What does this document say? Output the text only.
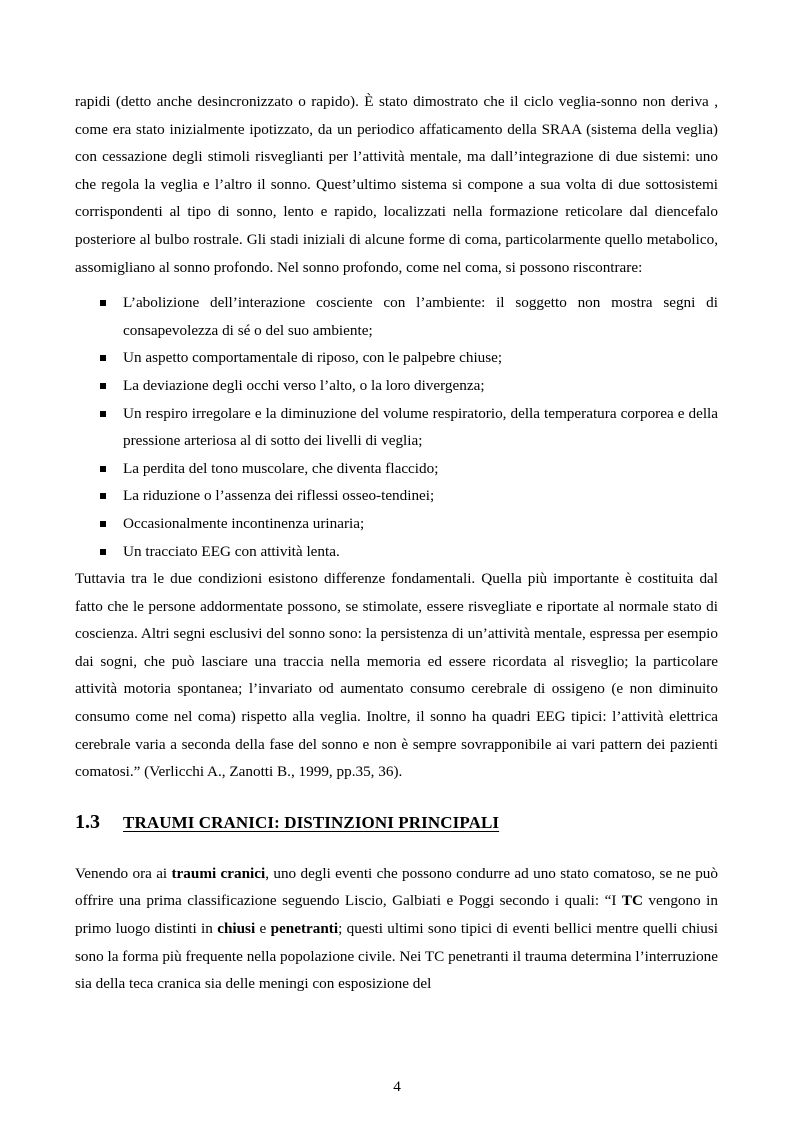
rapidi (detto anche desincronizzato o rapido). È stato dimostrato che il ciclo veglia-sonno non deriva , come era stato inizialmente ipotizzato, da un periodico affaticamento della SRAA (sistema della veglia) con cessazione degli stimoli risveglianti per l’attività mentale, ma dall’integrazione di due sistemi: uno che regola la veglia e l’altro il sonno. Quest’ultimo sistema si compone a sua volta di due sottosistemi corrispondenti al tipo di sonno, lento e rapido, localizzati nella formazione reticolare dal diencefalo posteriore al bulbo rostrale. Gli stadi iniziali di alcune forme di coma, particolarmente quello metabolico, assomigliano al sonno profondo. Nel sonno profondo, come nel coma, si possono riscontrare:

L’abolizione dell’interazione cosciente con l’ambiente: il soggetto non mostra segni di consapevolezza di sé o del suo ambiente;
Un aspetto comportamentale di riposo, con le palpebre chiuse;
La deviazione degli occhi verso l’alto, o la loro divergenza;
Un respiro irregolare e la diminuzione del volume respiratorio, della temperatura corporea e della pressione arteriosa al di sotto dei livelli di veglia;
La perdita del tono muscolare, che diventa flaccido;
La riduzione o l’assenza dei riflessi osseo-tendinei;
Occasionalmente incontinenza urinaria;
Un tracciato EEG con attività lenta.

Tuttavia tra le due condizioni esistono differenze fondamentali. Quella più importante è costituita dal fatto che le persone addormentate possono, se stimolate, essere risvegliate e riportate al normale stato di coscienza. Altri segni esclusivi del sonno sono: la persistenza di un’attività mentale, espressa per esempio dai sogni, che può lasciare una traccia nella memoria ed essere ricordata al risveglio; la particolare attività motoria spontanea; l’invariato od aumentato consumo cerebrale di ossigeno (e non diminuito consumo come nel coma) rispetto alla veglia. Inoltre, il sonno ha quadri EEG tipici: l’attività elettrica cerebrale varia a seconda della fase del sonno e non è sempre sovrapponibile ai vari pattern dei pazienti comatosi.” (Verlicchi A., Zanotti B., 1999, pp.35, 36).

1.3	TRAUMI CRANICI: DISTINZIONI PRINCIPALI

Venendo ora ai traumi cranici, uno degli eventi che possono condurre ad uno stato comatoso, se ne può offrire una prima classificazione seguendo Liscio, Galbiati e Poggi secondo i quali: “I TC vengono in primo luogo distinti in chiusi e penetranti; questi ultimi sono tipici di eventi bellici mentre quelli chiusi sono la forma più frequente nella popolazione civile. Nei TC penetranti il trauma determina l’interruzione sia della teca cranica sia delle meningi con esposizione del

4
